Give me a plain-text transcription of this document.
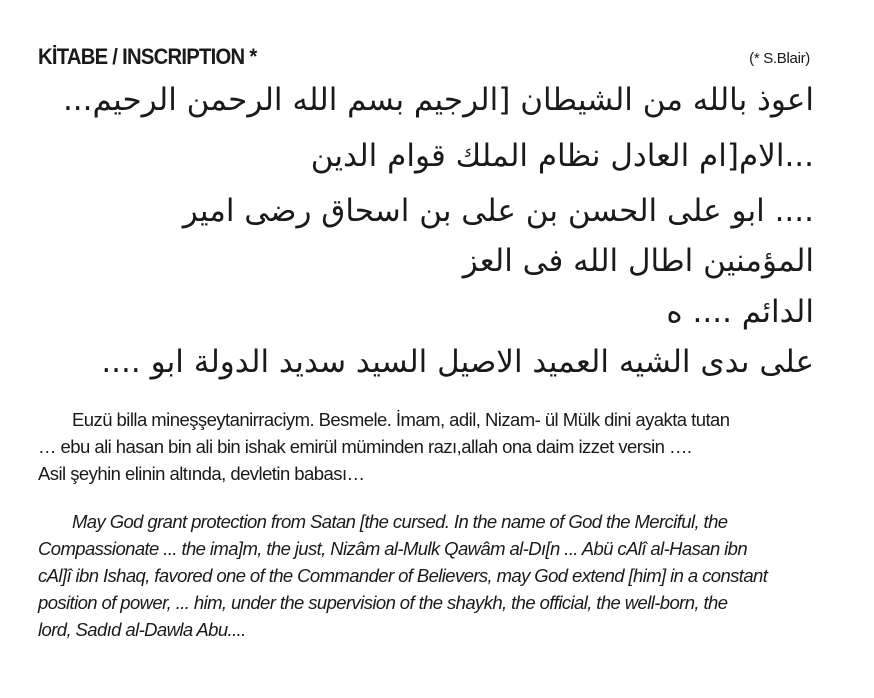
KİTABE / INSCRIPTION *	(* S.Blair)
اعوذ بالله من الشيطان [الرجيم بسم الله الرحمن الرحيم...
...الام[ام العادل نظام الملك قوام الدين
.... ابو على الحسن بن على بن اسحاق رضى امير
المؤمنين اطال الله فى العز
الدائم .... ه
على ىدى الشيه العميد الاصيل السيد سديد الدولة ابو ....
Euzü billa mineşşeytanirraciym. Besmele. İmam, adil, Nizam- ül Mülk dini ayakta tutan
… ebu ali hasan bin ali bin ishak emirül müminden razı,allah ona daim izzet versin ….
Asil şeyhin elinin altında, devletin babası…
May God grant protection from Satan [the cursed. In the name of God the Merciful, the
Compassionate ... the ima]m, the just, Nizâm al-Mulk Qawâm al-Dı[n ... Abü cAlî al-Hasan ibn
cAl]î ibn Ishaq, favored one of the Commander of Believers, may God extend [him] in a constant
position of power, ... him, under the supervision of the shaykh, the official, the well-born, the
lord, Sadıd al-Dawla Abu....
